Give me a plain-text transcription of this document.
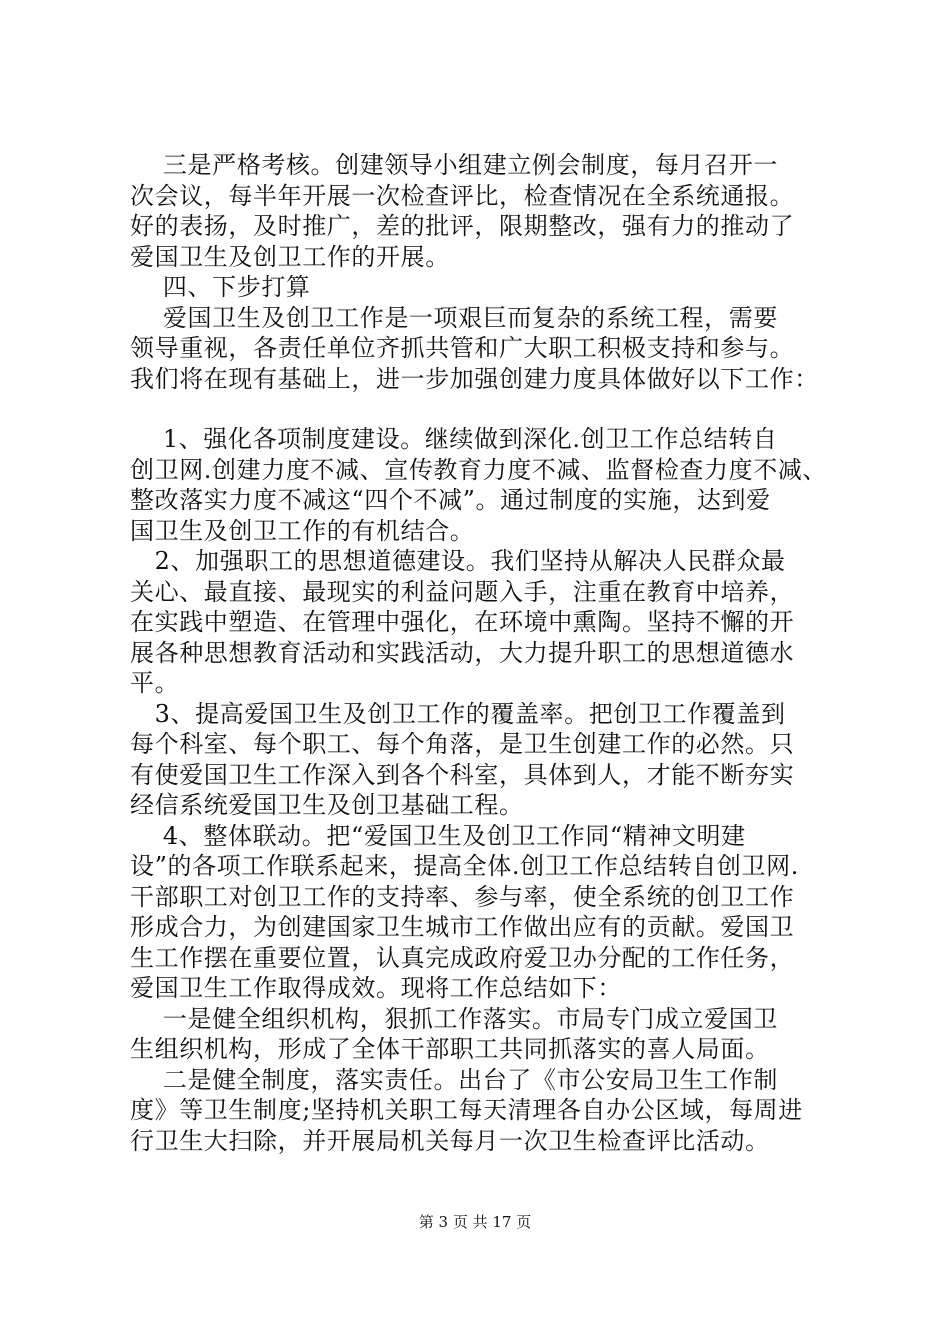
三是严格考核。创建领导小组建立例会制度，每月召开一
次会议，每半年开展一次检查评比，检查情况在全系统通报。
好的表扬，及时推广，差的批评，限期整改，强有力的推动了
爱国卫生及创卫工作的开展。
四、下步打算
爱国卫生及创卫工作是一项艰巨而复杂的系统工程，需要
领导重视，各责任单位齐抓共管和广大职工积极支持和参与。
我们将在现有基础上，进一步加强创建力度具体做好以下工作：
1、强化各项制度建设。继续做到深化.创卫工作总结转自
创卫网.创建力度不减、宣传教育力度不减、监督检查力度不减、
整改落实力度不减这“四个不减”。通过制度的实施，达到爱
国卫生及创卫工作的有机结合。
2、加强职工的思想道德建设。我们坚持从解决人民群众最
关心、最直接、最现实的利益问题入手，注重在教育中培养，
在实践中塑造、在管理中强化，在环境中熏陶。坚持不懈的开
展各种思想教育活动和实践活动，大力提升职工的思想道德水
平。
3、提高爱国卫生及创卫工作的覆盖率。把创卫工作覆盖到
每个科室、每个职工、每个角落，是卫生创建工作的必然。只
有使爱国卫生工作深入到各个科室，具体到人，才能不断夯实
经信系统爱国卫生及创卫基础工程。
4、整体联动。把“爱国卫生及创卫工作同“精神文明建
设”的各项工作联系起来，提高全体.创卫工作总结转自创卫网.
干部职工对创卫工作的支持率、参与率，使全系统的创卫工作
形成合力，为创建国家卫生城市工作做出应有的贡献。爱国卫
生工作摆在重要位置，认真完成政府爱卫办分配的工作任务，
爱国卫生工作取得成效。现将工作总结如下：
一是健全组织机构，狠抓工作落实。市局专门成立爱国卫
生组织机构，形成了全体干部职工共同抓落实的喜人局面。
二是健全制度，落实责任。出台了《市公安局卫生工作制
度》等卫生制度;坚持机关职工每天清理各自办公区域，每周进
行卫生大扫除，并开展局机关每月一次卫生检查评比活动。
第 3 页 共 17 页
